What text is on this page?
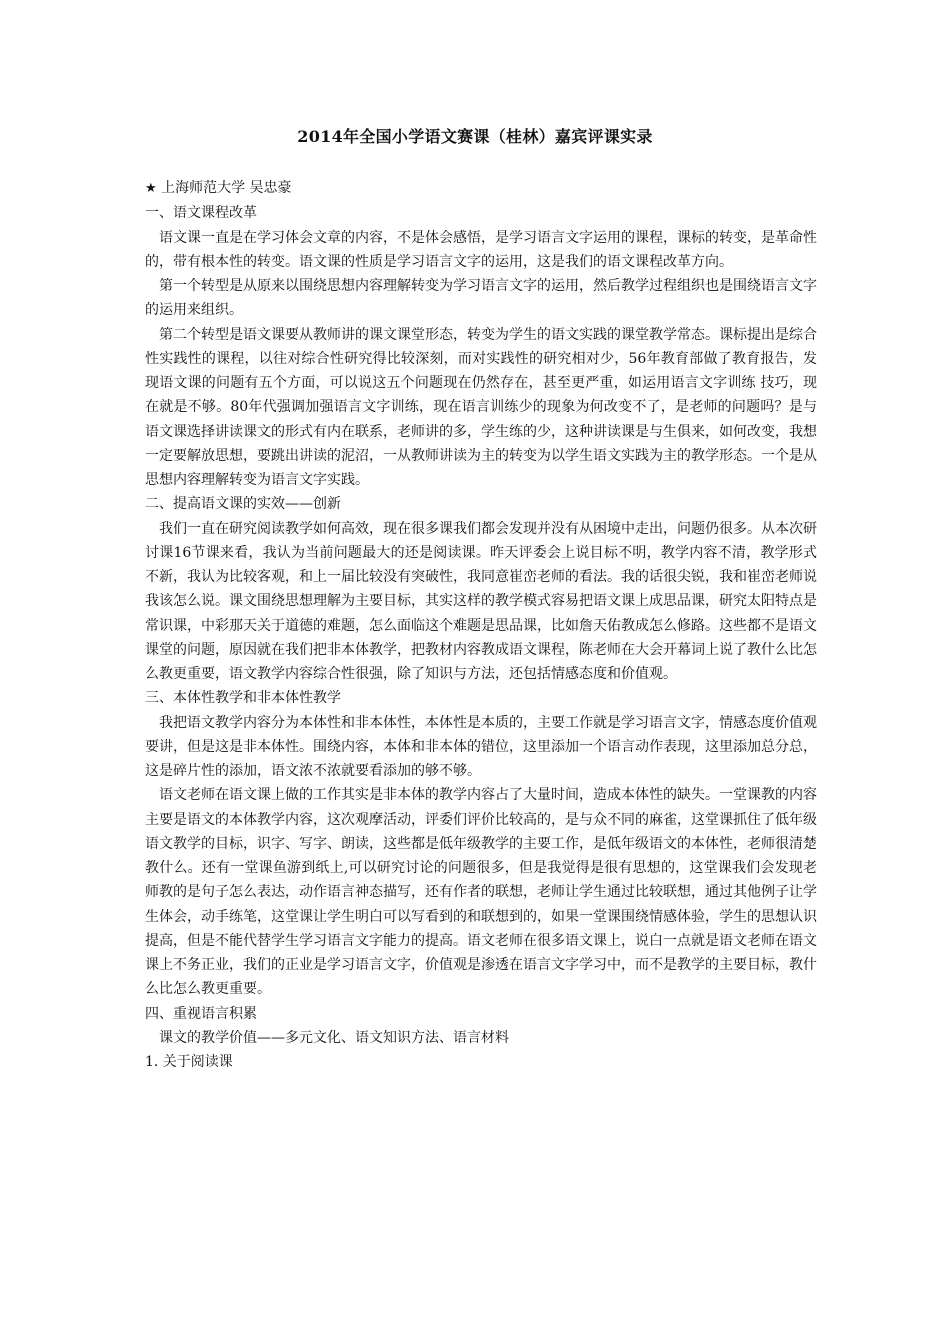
2014年全国小学语文赛课（桂林）嘉宾评课实录

★ 上海师范大学 吴忠豪

一、语文课程改革

语文课一直是在学习体会文章的内容，不是体会感悟，是学习语言文字运用的课程，课标的转变，是革命性的，带有根本性的转变。语文课的性质是学习语言文字的运用，这是我们的语文课程改革方向。

第一个转型是从原来以围绕思想内容理解转变为学习语言文字的运用，然后教学过程组织也是围绕语言文字的运用来组织。

第二个转型是语文课要从教师讲的课文课堂形态，转变为学生的语文实践的课堂教学常态。课标提出是综合性实践性的课程，以往对综合性研究得比较深刻，而对实践性的研究相对少，56年教育部做了教育报告，发现语文课的问题有五个方面，可以说这五个问题现在仍然存在，甚至更严重，如运用语言文字训练 技巧，现在就是不够。80年代强调加强语言文字训练，现在语言训练少的现象为何改变不了，是老师的问题吗？是与语文课选择讲读课文的形式有内在联系，老师讲的多，学生练的少，这种讲读课是与生俱来，如何改变，我想一定要解放思想，要跳出讲读的泥沼，一从教师讲读为主的转变为以学生语文实践为主的教学形态。一个是从思想内容理解转变为语言文字实践。

二、提高语文课的实效——创新

我们一直在研究阅读教学如何高效，现在很多课我们都会发现并没有从困境中走出，问题仍很多。从本次研讨课16节课来看，我认为当前问题最大的还是阅读课。昨天评委会上说目标不明，教学内容不清，教学形式不新，我认为比较客观，和上一届比较没有突破性，我同意崔峦老师的看法。我的话很尖锐，我和崔峦老师说我该怎么说。课文围绕思想理解为主要目标，其实这样的教学模式容易把语文课上成思品课，研究太阳特点是常识课，中彩那天关于道德的难题，怎么面临这个难题是思品课，比如詹天佑教成怎么修路。这些都不是语文课堂的问题，原因就在我们把非本体教学，把教材内容教成语文课程，陈老师在大会开幕词上说了教什么比怎么教更重要，语文教学内容综合性很强，除了知识与方法，还包括情感态度和价值观。

三、本体性教学和非本体性教学

我把语文教学内容分为本体性和非本体性，本体性是本质的，主要工作就是学习语言文字，情感态度价值观要讲，但是这是非本体性。围绕内容，本体和非本体的错位，这里添加一个语言动作表现，这里添加总分总，这是碎片性的添加，语文浓不浓就要看添加的够不够。

语文老师在语文课上做的工作其实是非本体的教学内容占了大量时间，造成本体性的缺失。一堂课教的内容主要是语文的本体教学内容，这次观摩活动，评委们评价比较高的，是与众不同的麻雀，这堂课抓住了低年级语文教学的目标，识字、写字、朗读，这些都是低年级教学的主要工作，是低年级语文的本体性，老师很清楚教什么。还有一堂课鱼游到纸上,可以研究讨论的问题很多，但是我觉得是很有思想的，这堂课我们会发现老师教的是句子怎么表达，动作语言神态描写，还有作者的联想，老师让学生通过比较联想，通过其他例子让学生体会，动手练笔，这堂课让学生明白可以写看到的和联想到的，如果一堂课围绕情感体验，学生的思想认识提高，但是不能代替学生学习语言文字能力的提高。语文老师在很多语文课上，说白一点就是语文老师在语文课上不务正业，我们的正业是学习语言文字，价值观是渗透在语言文字学习中，而不是教学的主要目标，教什么比怎么教更重要。

四、重视语言积累

课文的教学价值——多元文化、语文知识方法、语言材料

1. 关于阅读课
